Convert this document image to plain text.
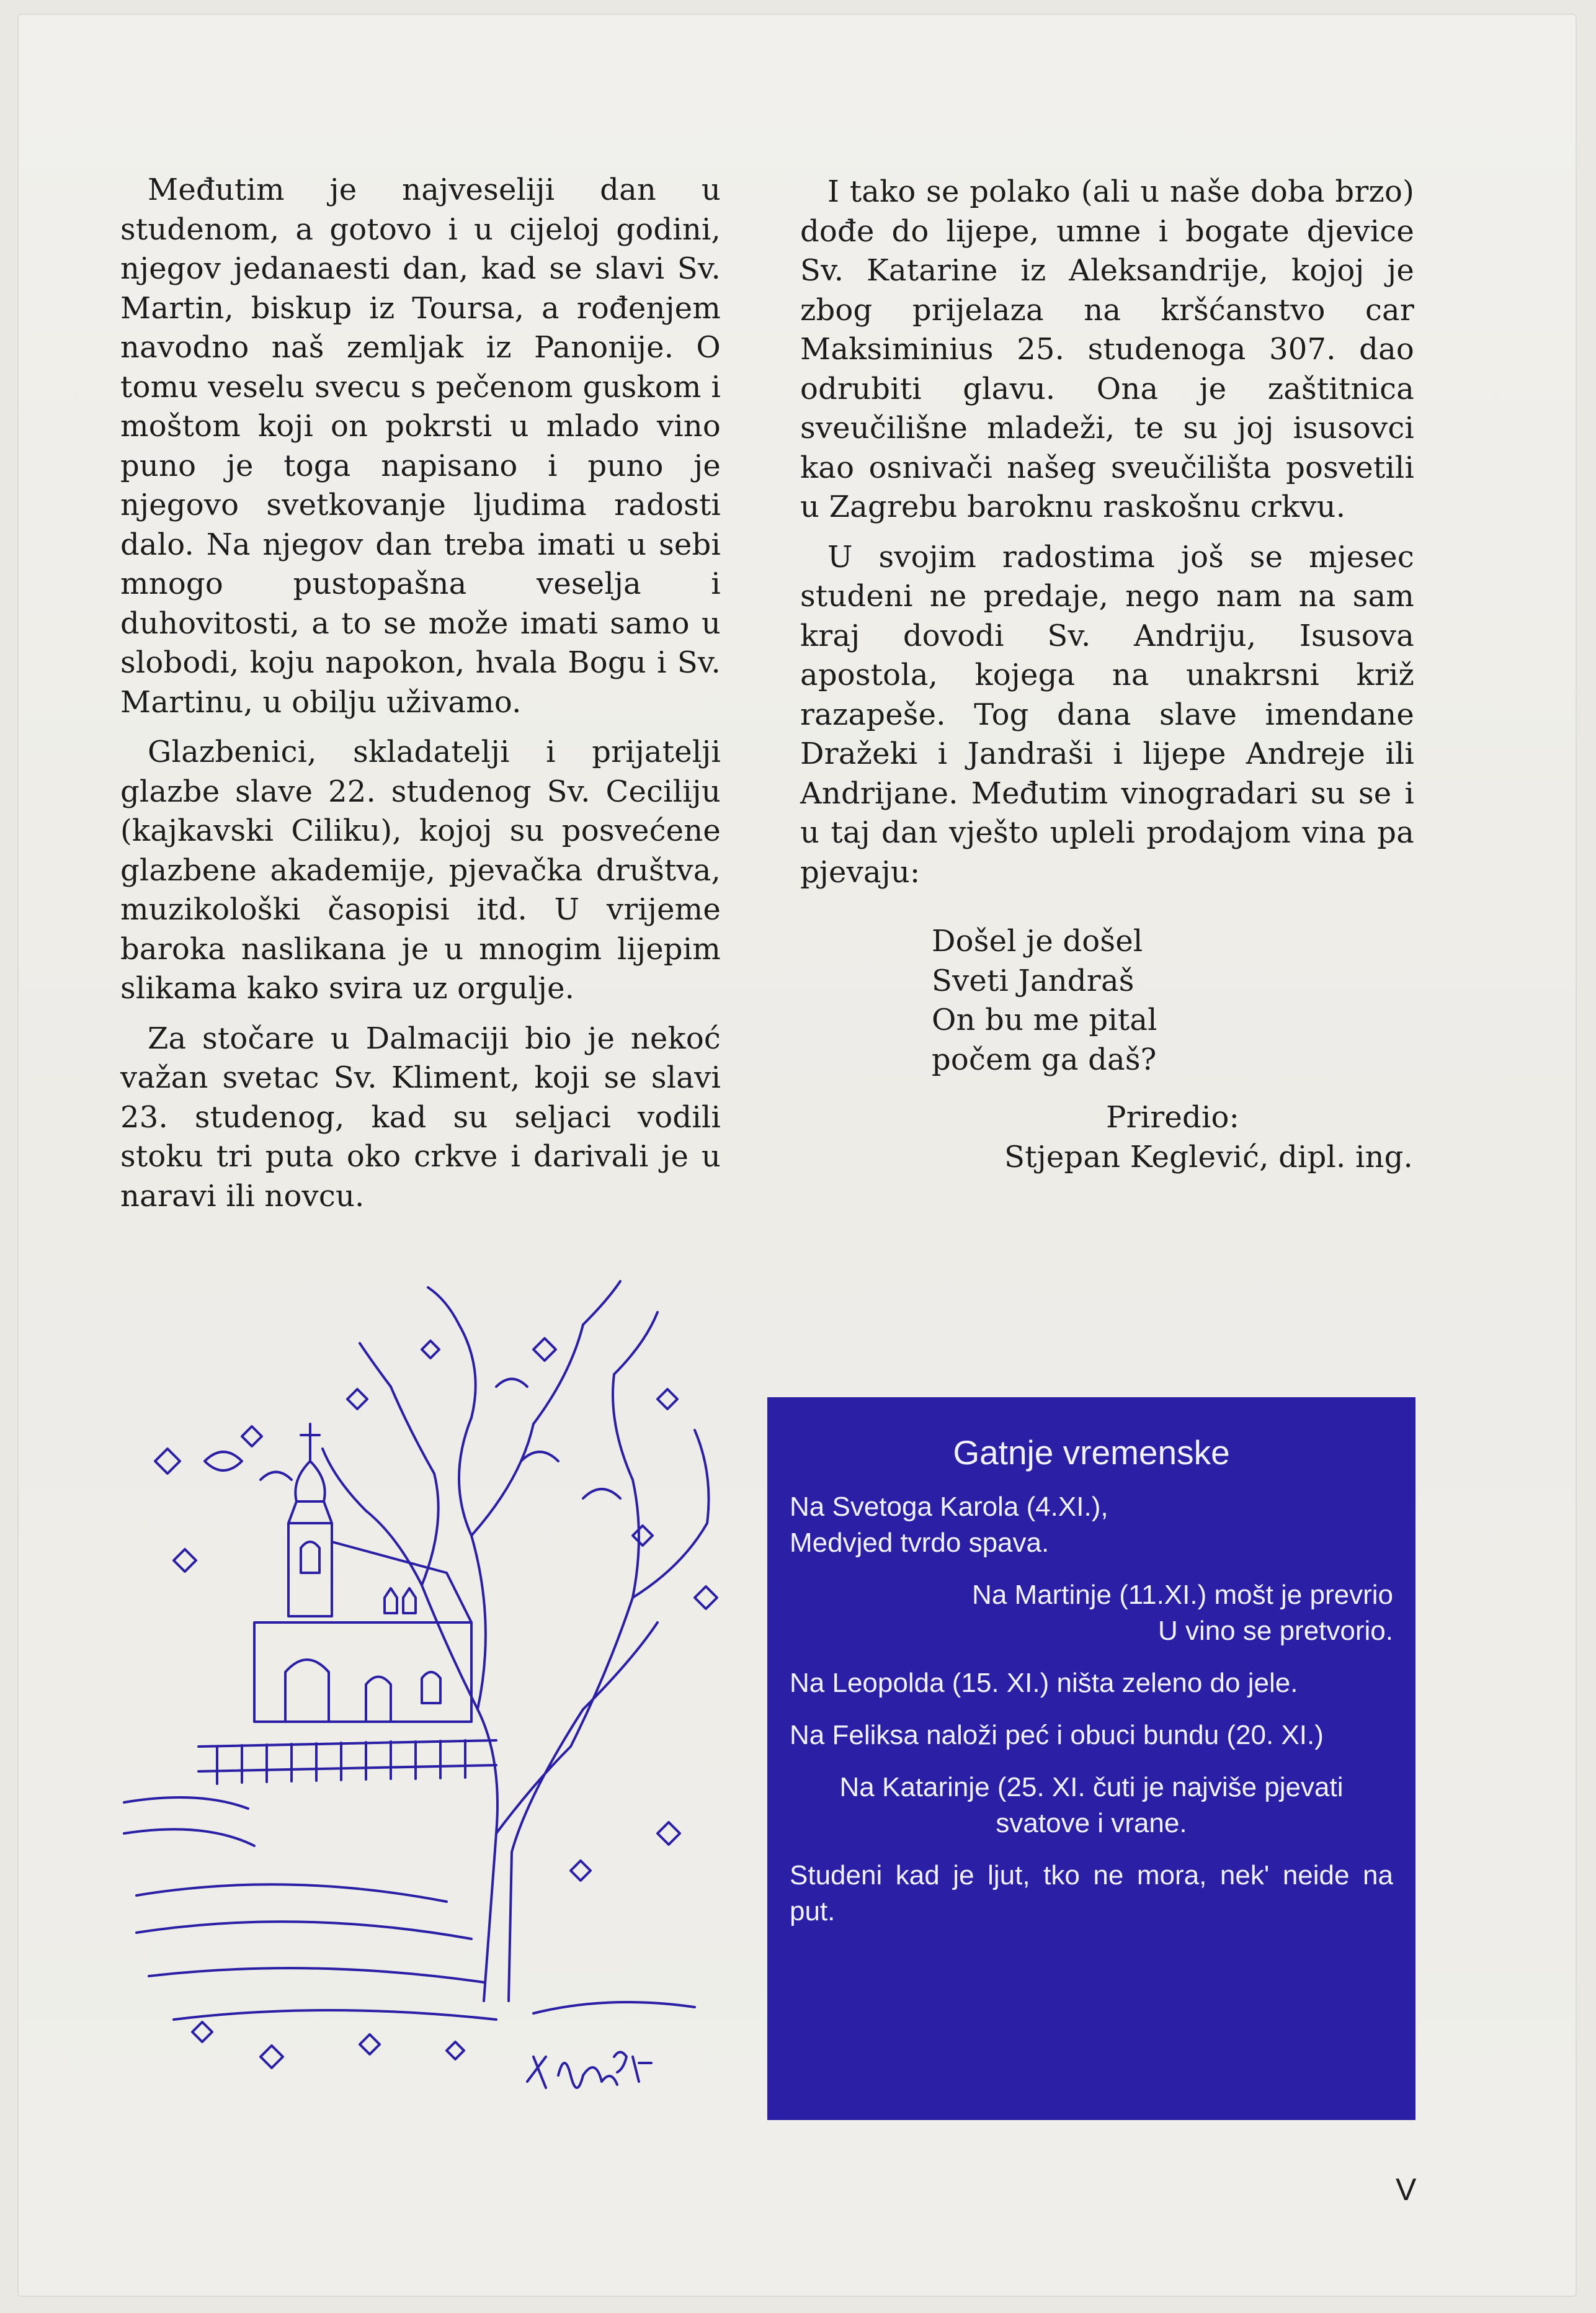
Međutim je najveseliji dan u studenom, a gotovo i u cijeloj godini, njegov jedanaesti dan, kad se slavi Sv. Martin, biskup iz Toursa, a rođenjem navodno naš zemljak iz Panonije. O tomu veselu svecu s pečenom guskom i moštom koji on pokrsti u mlado vino puno je toga napisano i puno je njegovo svetkovanje ljudima radosti dalo. Na njegov dan treba imati u sebi mnogo pustopašna veselja i duhovitosti, a to se može imati samo u slobodi, koju napokon, hvala Bogu i Sv. Martinu, u obilju uživamo.

Glazbenici, skladatelji i prijatelji glazbe slave 22. studenog Sv. Ceciliju (kajkavski Ciliku), kojoj su posvećene glazbene akademije, pjevačka društva, muzikološki časopisi itd. U vrijeme baroka naslikana je u mnogim lijepim slikama kako svira uz orgulje.

Za stočare u Dalmaciji bio je nekoć važan svetac Sv. Kliment, koji se slavi 23. studenog, kad su seljaci vodili stoku tri puta oko crkve i darivali je u naravi ili novcu.

I tako se polako (ali u naše doba brzo) dođe do lijepe, umne i bogate djevice Sv. Katarine iz Aleksandrije, kojoj je zbog prijelaza na kršćanstvo car Maksiminius 25. studenoga 307. dao odrubiti glavu. Ona je zaštitnica sveučilišne mladeži, te su joj isusovci kao osnivači našeg sveučilišta posvetili u Zagrebu baroknu raskošnu crkvu.

U svojim radostima još se mjesec studeni ne predaje, nego nam na sam kraj dovodi Sv. Andriju, Isusova apostola, kojega na unakrsni križ razapeše. Tog dana slave imendane Dražeki i Jandraši i lijepe Andreje ili Andrijane. Međutim vinogradari su se i u taj dan vješto upleli prodajom vina pa pjevaju:

Došel je došel
Sveti Jandraš
On bu me pital
počem ga daš?
Priredio:
Stjepan Keglević, dipl. ing.
Gatnje vremenske
Na Svetoga Karola (4.XI.),
Medvjed tvrdo spava.
Na Martinje (11.XI.) mošt je prevrio
U vino se pretvorio.
Na Leopolda (15. XI.) ništa zeleno do jele.
Na Feliksa naloži peć i obuci bundu (20. XI.)
Na Katarinje (25. XI. čuti je najviše pjevati svatove i vrane.
Studeni kad je ljut, tko ne mora, nek' neide na put.
V
